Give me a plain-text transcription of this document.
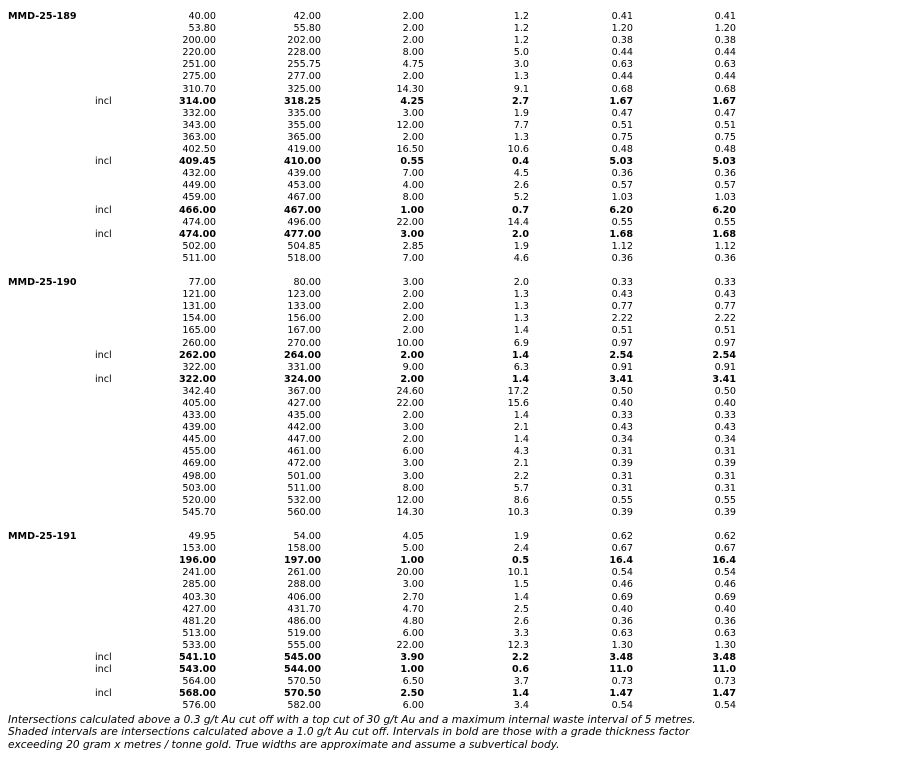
MMD-25-189	40.00	42.00	2.00	1.2	0.41	0.41
53.80	55.80	2.00	1.2	1.20	1.20
200.00	202.00	2.00	1.2	0.38	0.38
220.00	228.00	8.00	5.0	0.44	0.44
251.00	255.75	4.75	3.0	0.63	0.63
275.00	277.00	2.00	1.3	0.44	0.44
310.70	325.00	14.30	9.1	0.68	0.68
incl	314.00	318.25	4.25	2.7	1.67	1.67
332.00	335.00	3.00	1.9	0.47	0.47
343.00	355.00	12.00	7.7	0.51	0.51
363.00	365.00	2.00	1.3	0.75	0.75
402.50	419.00	16.50	10.6	0.48	0.48
incl	409.45	410.00	0.55	0.4	5.03	5.03
432.00	439.00	7.00	4.5	0.36	0.36
449.00	453.00	4.00	2.6	0.57	0.57
459.00	467.00	8.00	5.2	1.03	1.03
incl	466.00	467.00	1.00	0.7	6.20	6.20
474.00	496.00	22.00	14.4	0.55	0.55
incl	474.00	477.00	3.00	2.0	1.68	1.68
502.00	504.85	2.85	1.9	1.12	1.12
511.00	518.00	7.00	4.6	0.36	0.36
MMD-25-190	77.00	80.00	3.00	2.0	0.33	0.33
121.00	123.00	2.00	1.3	0.43	0.43
131.00	133.00	2.00	1.3	0.77	0.77
154.00	156.00	2.00	1.3	2.22	2.22
165.00	167.00	2.00	1.4	0.51	0.51
260.00	270.00	10.00	6.9	0.97	0.97
incl	262.00	264.00	2.00	1.4	2.54	2.54
322.00	331.00	9.00	6.3	0.91	0.91
incl	322.00	324.00	2.00	1.4	3.41	3.41
342.40	367.00	24.60	17.2	0.50	0.50
405.00	427.00	22.00	15.6	0.40	0.40
433.00	435.00	2.00	1.4	0.33	0.33
439.00	442.00	3.00	2.1	0.43	0.43
445.00	447.00	2.00	1.4	0.34	0.34
455.00	461.00	6.00	4.3	0.31	0.31
469.00	472.00	3.00	2.1	0.39	0.39
498.00	501.00	3.00	2.2	0.31	0.31
503.00	511.00	8.00	5.7	0.31	0.31
520.00	532.00	12.00	8.6	0.55	0.55
545.70	560.00	14.30	10.3	0.39	0.39
MMD-25-191	49.95	54.00	4.05	1.9	0.62	0.62
153.00	158.00	5.00	2.4	0.67	0.67
196.00	197.00	1.00	0.5	16.4	16.4
241.00	261.00	20.00	10.1	0.54	0.54
285.00	288.00	3.00	1.5	0.46	0.46
403.30	406.00	2.70	1.4	0.69	0.69
427.00	431.70	4.70	2.5	0.40	0.40
481.20	486.00	4.80	2.6	0.36	0.36
513.00	519.00	6.00	3.3	0.63	0.63
533.00	555.00	22.00	12.3	1.30	1.30
incl	541.10	545.00	3.90	2.2	3.48	3.48
incl	543.00	544.00	1.00	0.6	11.0	11.0
564.00	570.50	6.50	3.7	0.73	0.73
incl	568.00	570.50	2.50	1.4	1.47	1.47
576.00	582.00	6.00	3.4	0.54	0.54

Intersections calculated above a 0.3 g/t Au cut off with a top cut of 30 g/t Au and a maximum internal waste interval of 5 metres.

Shaded intervals are intersections calculated above a 1.0 g/t Au cut off. Intervals in bold are those with a grade thickness factor

exceeding 20 gram x metres / tonne gold. True widths are approximate and assume a subvertical body.
